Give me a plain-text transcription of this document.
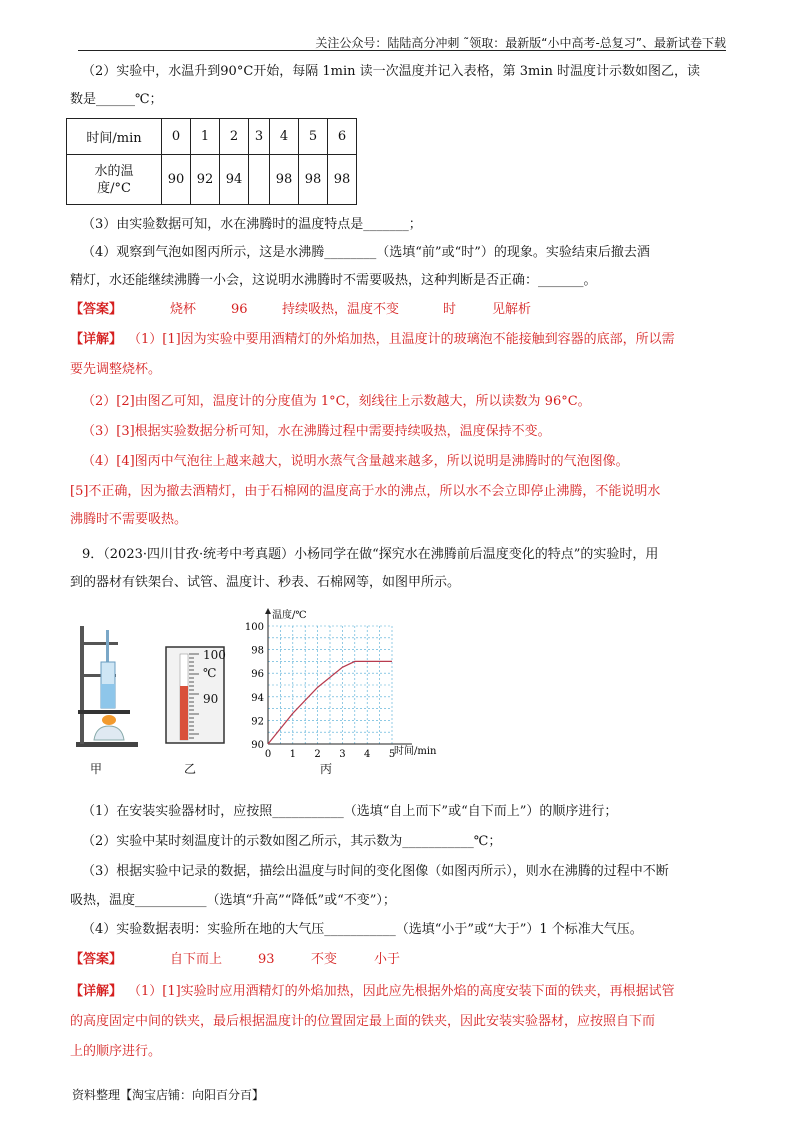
关注公众号：陆陆高分冲刺 ˜领取：最新版“小中高考-总复习”、最新试卷下载
（2）实验中，水温升到90°C开始，每隔 1min 读一次温度并记入表格，第 3min 时温度计示数如图乙，读
数是______℃；
时间/min	0	1	2	3	4	5	6

水的温
度/°C	90	92	94		98	98	98
（3）由实验数据可知，水在沸腾时的温度特点是_______；
（4）观察到气泡如图丙所示，这是水沸腾________（选填“前”或“时”）的现象。实验结束后撤去酒
精灯，水还能继续沸腾一小会，这说明水沸腾时不需要吸热，这种判断是否正确：_______。
【答案】	烧杯	96	持续吸热，温度不变	时	见解析
【详解】 （1）[1]因为实验中要用酒精灯的外焰加热，且温度计的玻璃泡不能接触到容器的底部，所以需
要先调整烧杯。
（2）[2]由图乙可知，温度计的分度值为 1°C，刻线往上示数越大，所以读数为 96°C。
（3）[3]根据实验数据分析可知，水在沸腾过程中需要持续吸热，温度保持不变。
（4）[4]图丙中气泡往上越来越大，说明水蒸气含量越来越多，所以说明是沸腾时的气泡图像。
[5]不正确，因为撤去酒精灯，由于石棉网的温度高于水的沸点，所以水不会立即停止沸腾，不能说明水
沸腾时不需要吸热。
9．（2023·四川甘孜·统考中考真题）小杨同学在做“探究水在沸腾前后温度变化的特点”的实验时，用
到的器材有铁架台、试管、温度计、秒表、石棉网等，如图甲所示。
100
℃
90
90
92
94
96
98
100
0 1 2 3 4 5
温度/℃
时间/min
甲	乙	丙
（1）在安装实验器材时，应按照___________（选填“自上而下”或“自下而上”）的顺序进行；
（2）实验中某时刻温度计的示数如图乙所示，其示数为___________℃；
（3）根据实验中记录的数据，描绘出温度与时间的变化图像（如图丙所示），则水在沸腾的过程中不断
吸热，温度___________（选填“升高”“降低”或“不变”）；
（4）实验数据表明：实验所在地的大气压___________（选填“小于”或“大于”）1 个标准大气压。
【答案】	自下而上	93	不变	小于
【详解】 （1）[1]实验时应用酒精灯的外焰加热，因此应先根据外焰的高度安装下面的铁夹，再根据试管
的高度固定中间的铁夹，最后根据温度计的位置固定最上面的铁夹，因此安装实验器材，应按照自下而
上的顺序进行。
资料整理【淘宝店铺：向阳百分百】
